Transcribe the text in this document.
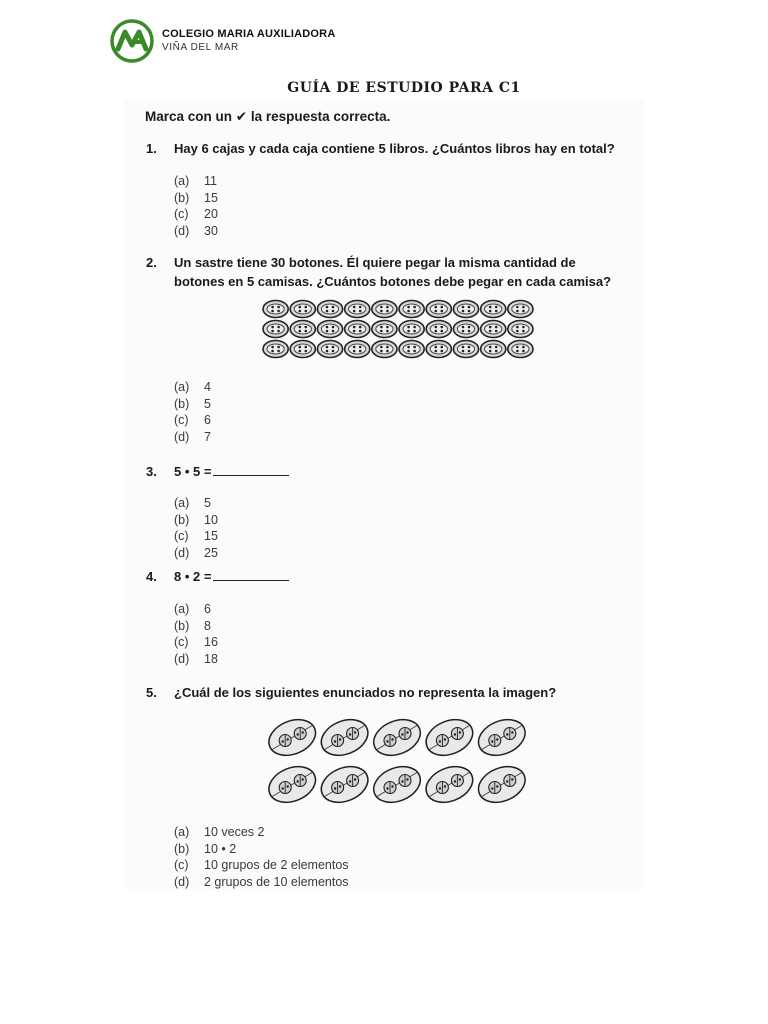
COLEGIO MARIA AUXILIADORA
VIÑA DEL MAR
GUÍA DE ESTUDIO PARA C1
Marca con un ✔ la respuesta correcta.
1. Hay 6 cajas y cada caja contiene 5 libros. ¿Cuántos libros hay en total?
(a)	11
(b)	15
(c)	20
(d)	30
2. Un sastre tiene 30 botones. Él quiere pegar la misma cantidad de
botones en 5 camisas. ¿Cuántos botones debe pegar en cada camisa?
(a)	4
(b)	5
(c)	6
(d)	7
3. 5 • 5 =
(a)	5
(b)	10
(c)	15
(d)	25
4. 8 • 2 =
(a)	6
(b)	8
(c)	16
(d)	18
5. ¿Cuál de los siguientes enunciados no representa la imagen?
(a)	10 veces 2
(b)	10 • 2
(c)	10 grupos de 2 elementos
(d)	2 grupos de 10 elementos
